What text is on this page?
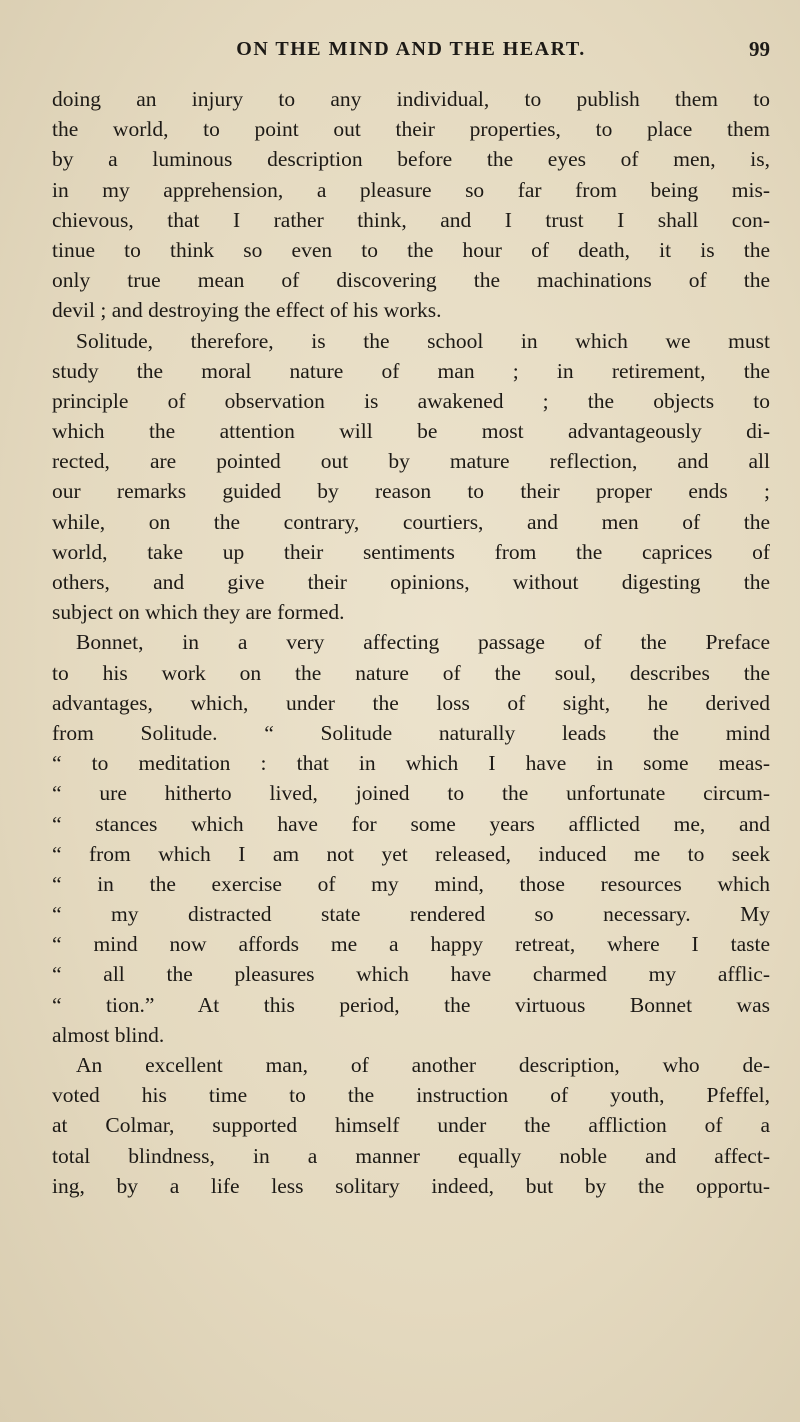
ON THE MIND AND THE HEART.	99
doing an injury to any individual, to publish them to
the world, to point out their properties, to place them
by a luminous description before the eyes of men, is,
in my apprehension, a pleasure so far from being mis-
chievous, that I rather think, and I trust I shall con-
tinue to think so even to the hour of death, it is the
only true mean of discovering the machinations of the
devil ; and destroying the effect of his works.
Solitude, therefore, is the school in which we must
study the moral nature of man ; in retirement, the
principle of observation is awakened ; the objects to
which the attention will be most advantageously di-
rected, are pointed out by mature reflection, and all
our remarks guided by reason to their proper ends ;
while, on the contrary, courtiers, and men of the
world, take up their sentiments from the caprices of
others, and give their opinions, without digesting the
subject on which they are formed.
Bonnet, in a very affecting passage of the Preface
to his work on the nature of the soul, describes the
advantages, which, under the loss of sight, he derived
from Solitude. “ Solitude naturally leads the mind
“ to meditation : that in which I have in some meas-
“ ure hitherto lived, joined to the unfortunate circum-
“ stances which have for some years afflicted me, and
“ from which I am not yet released, induced me to seek
“ in the exercise of my mind, those resources which
“ my distracted state rendered so necessary. My
“ mind now affords me a happy retreat, where I taste
“ all the pleasures which have charmed my afflic-
“ tion.” At this period, the virtuous Bonnet was
almost blind.
An excellent man, of another description, who de-
voted his time to the instruction of youth, Pfeffel,
at Colmar, supported himself under the affliction of a
total blindness, in a manner equally noble and affect-
ing, by a life less solitary indeed, but by the opportu-
